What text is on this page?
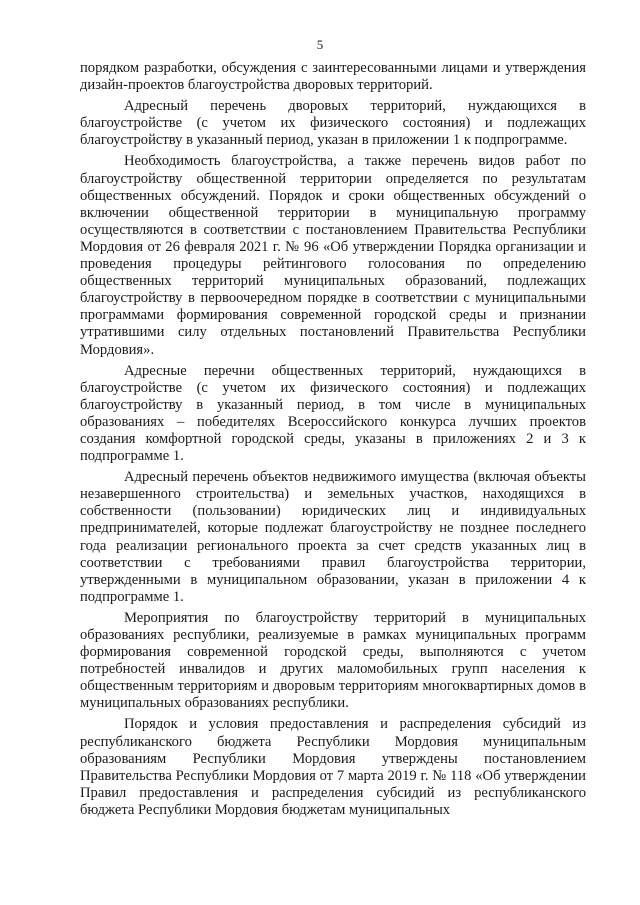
5

порядком разработки, обсуждения с заинтересованными лицами и утверждения дизайн-проектов благоустройства дворовых территорий.

Адресный перечень дворовых территорий, нуждающихся в благоустройстве (с учетом их физического состояния) и подлежащих благоустройству в указанный период, указан в приложении 1 к подпрограмме.

Необходимость благоустройства, а также перечень видов работ по благоустройству общественной территории определяется по результатам общественных обсуждений. Порядок и сроки общественных обсуждений о включении общественной территории в муниципальную программу осуществляются в соответствии с постановлением Правительства Республики Мордовия от 26 февраля 2021 г. № 96 «Об утверждении Порядка организации и проведения процедуры рейтингового голосования по определению общественных территорий муниципальных образований, подлежащих благоустройству в первоочередном порядке в соответствии с муниципальными программами формирования современной городской среды и признании утратившими силу отдельных постановлений Правительства Республики Мордовия».

Адресные перечни общественных территорий, нуждающихся в благоустройстве (с учетом их физического состояния) и подлежащих благоустройству в указанный период, в том числе в муниципальных образованиях – победителях Всероссийского конкурса лучших проектов создания комфортной городской среды, указаны в приложениях 2 и 3 к подпрограмме 1.

Адресный перечень объектов недвижимого имущества (включая объекты незавершенного строительства) и земельных участков, находящихся в собственности (пользовании) юридических лиц и индивидуальных предпринимателей, которые подлежат благоустройству не позднее последнего года реализации регионального проекта за счет средств указанных лиц в соответствии с требованиями правил благоустройства территории, утвержденными в муниципальном образовании, указан в приложении 4 к подпрограмме 1.

Мероприятия по благоустройству территорий в муниципальных образованиях республики, реализуемые в рамках муниципальных программ формирования современной городской среды, выполняются с учетом потребностей инвалидов и других маломобильных групп населения к общественным территориям и дворовым территориям многоквартирных домов в муниципальных образованиях республики.

Порядок и условия предоставления и распределения субсидий из республиканского бюджета Республики Мордовия муниципальным образованиям Республики Мордовия утверждены постановлением Правительства Республики Мордовия от 7 марта 2019 г. № 118 «Об утверждении Правил предоставления и распределения субсидий из республиканского бюджета Республики Мордовия бюджетам муниципальных
